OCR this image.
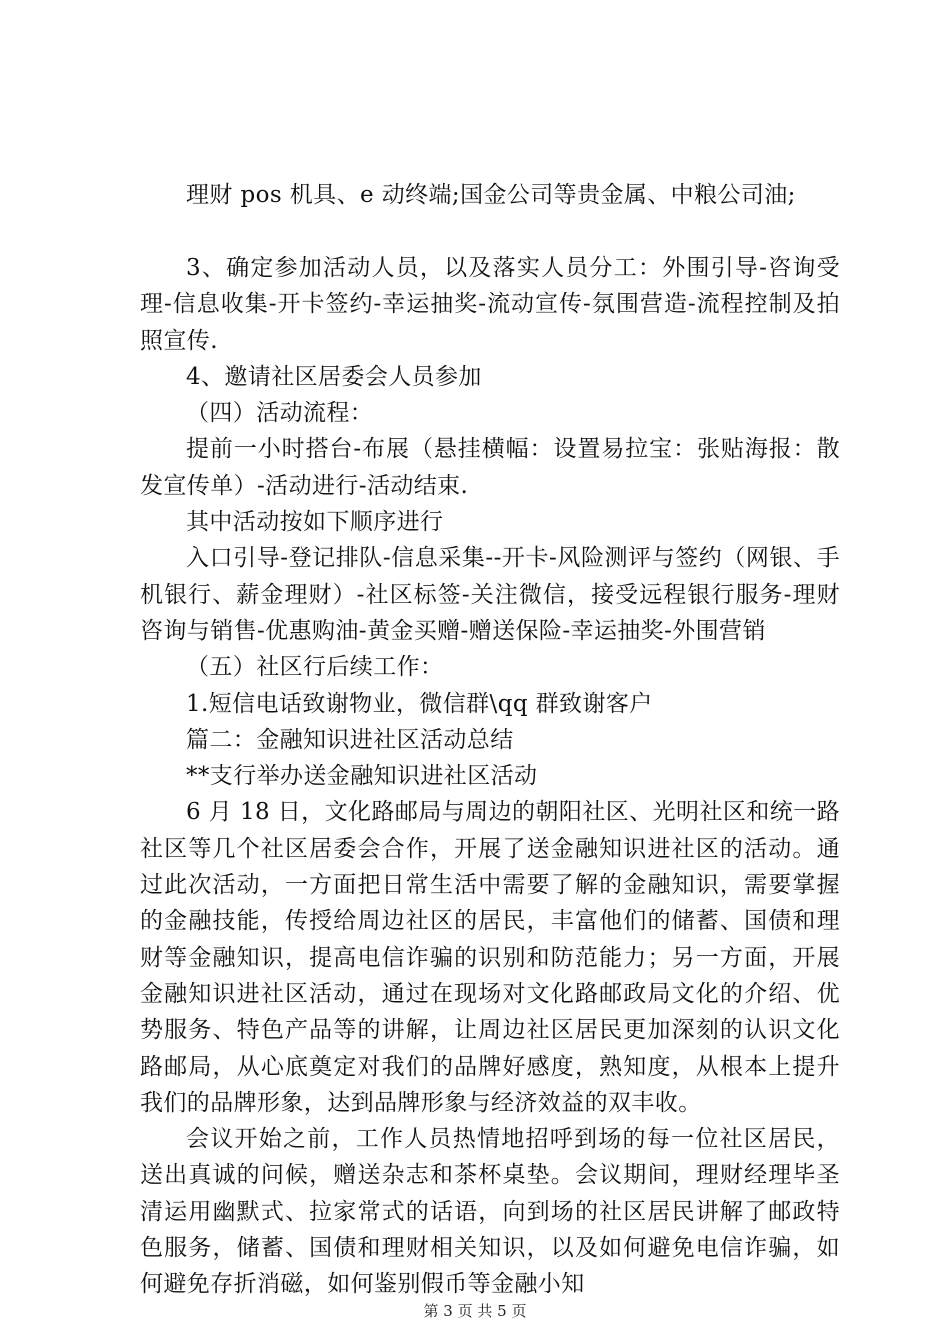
理财 pos 机具、e 动终端;国金公司等贵金属、中粮公司油;

3、确定参加活动人员，以及落实人员分工：外围引导-咨询受理-信息收集-开卡签约-幸运抽奖-流动宣传-氛围营造-流程控制及拍照宣传.

4、邀请社区居委会人员参加

（四）活动流程：

提前一小时搭台-布展（悬挂横幅：设置易拉宝：张贴海报：散发宣传单）-活动进行-活动结束.

其中活动按如下顺序进行

入口引导-登记排队-信息采集--开卡-风险测评与签约（网银、手机银行、薪金理财）-社区标签-关注微信，接受远程银行服务-理财咨询与销售-优惠购油-黄金买赠-赠送保险-幸运抽奖-外围营销

（五）社区行后续工作：

1.短信电话致谢物业，微信群\qq 群致谢客户

篇二：金融知识进社区活动总结

**支行举办送金融知识进社区活动

6 月 18 日，文化路邮局与周边的朝阳社区、光明社区和统一路社区等几个社区居委会合作，开展了送金融知识进社区的活动。通过此次活动，一方面把日常生活中需要了解的金融知识，需要掌握的金融技能，传授给周边社区的居民，丰富他们的储蓄、国债和理财等金融知识，提高电信诈骗的识别和防范能力；另一方面，开展金融知识进社区活动，通过在现场对文化路邮政局文化的介绍、优势服务、特色产品等的讲解，让周边社区居民更加深刻的认识文化路邮局，从心底奠定对我们的品牌好感度，熟知度，从根本上提升我们的品牌形象，达到品牌形象与经济效益的双丰收。

会议开始之前，工作人员热情地招呼到场的每一位社区居民，送出真诚的问候，赠送杂志和茶杯桌垫。会议期间，理财经理毕圣清运用幽默式、拉家常式的话语，向到场的社区居民讲解了邮政特色服务，储蓄、国债和理财相关知识，以及如何避免电信诈骗，如何避免存折消磁，如何鉴别假币等金融小知

第 3 页 共 5 页
